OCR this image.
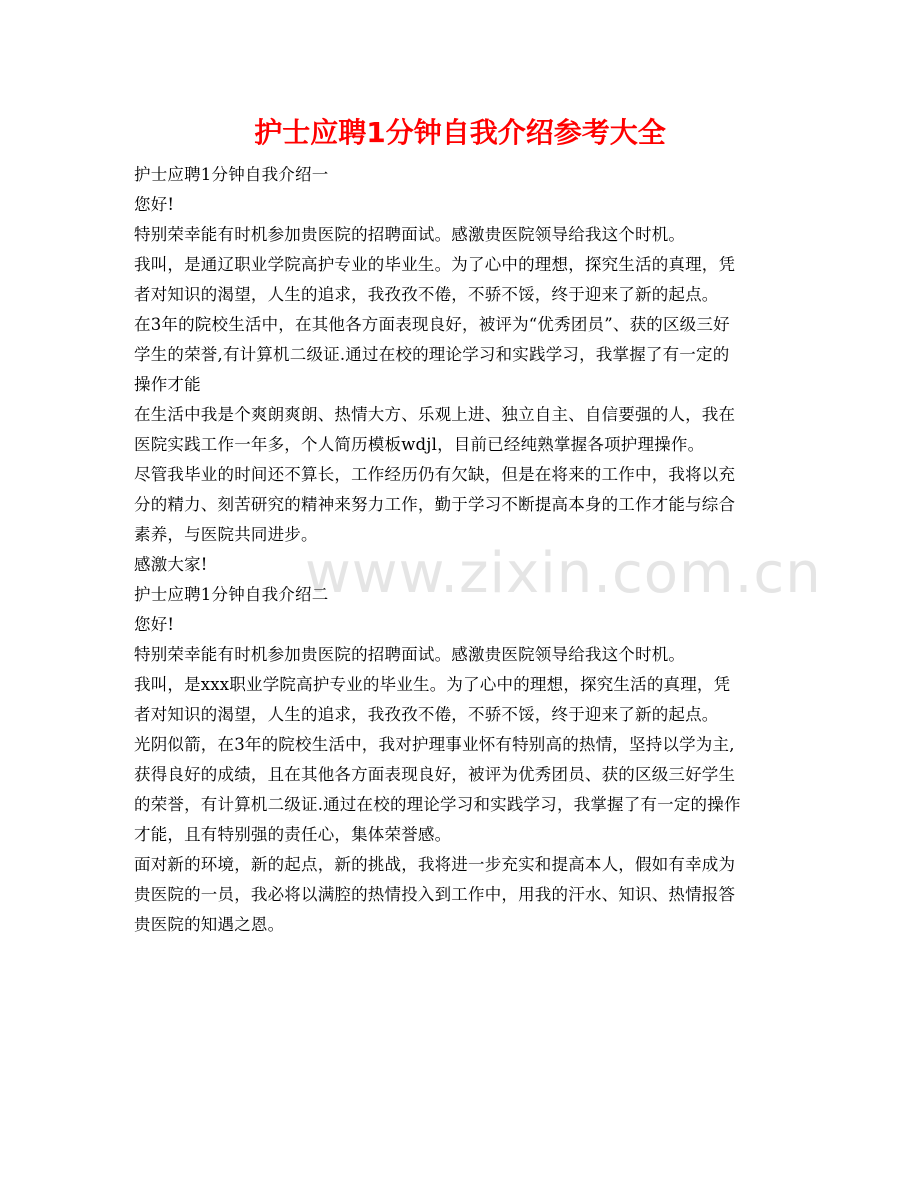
护士应聘1分钟自我介绍参考大全
www.zixin.com.cn
护士应聘1分钟自我介绍一
您好!
特别荣幸能有时机参加贵医院的招聘面试。感激贵医院领导给我这个时机。
我叫，是通辽职业学院高护专业的毕业生。为了心中的理想，探究生活的真理，凭
者对知识的渴望，人生的追求，我孜孜不倦，不骄不馁，终于迎来了新的起点。
在3年的院校生活中，在其他各方面表现良好，被评为“优秀团员”、获的区级三好
学生的荣誉,有计算机二级证.通过在校的理论学习和实践学习，我掌握了有一定的
操作才能
在生活中我是个爽朗爽朗、热情大方、乐观上进、独立自主、自信要强的人，我在
医院实践工作一年多，个人简历模板wdjl，目前已经纯熟掌握各项护理操作。
尽管我毕业的时间还不算长，工作经历仍有欠缺，但是在将来的工作中，我将以充
分的精力、刻苦研究的精神来努力工作，勤于学习不断提高本身的工作才能与综合
素养，与医院共同进步。
感激大家!
护士应聘1分钟自我介绍二
您好!
特别荣幸能有时机参加贵医院的招聘面试。感激贵医院领导给我这个时机。
我叫，是xxx职业学院高护专业的毕业生。为了心中的理想，探究生活的真理，凭
者对知识的渴望，人生的追求，我孜孜不倦，不骄不馁，终于迎来了新的起点。
光阴似箭，在3年的院校生活中，我对护理事业怀有特别高的热情，坚持以学为主,
获得良好的成绩，且在其他各方面表现良好，被评为优秀团员、获的区级三好学生
的荣誉，有计算机二级证.通过在校的理论学习和实践学习，我掌握了有一定的操作
才能，且有特别强的责任心，集体荣誉感。
面对新的环境，新的起点，新的挑战，我将进一步充实和提高本人，假如有幸成为
贵医院的一员，我必将以满腔的热情投入到工作中，用我的汗水、知识、热情报答
贵医院的知遇之恩。
